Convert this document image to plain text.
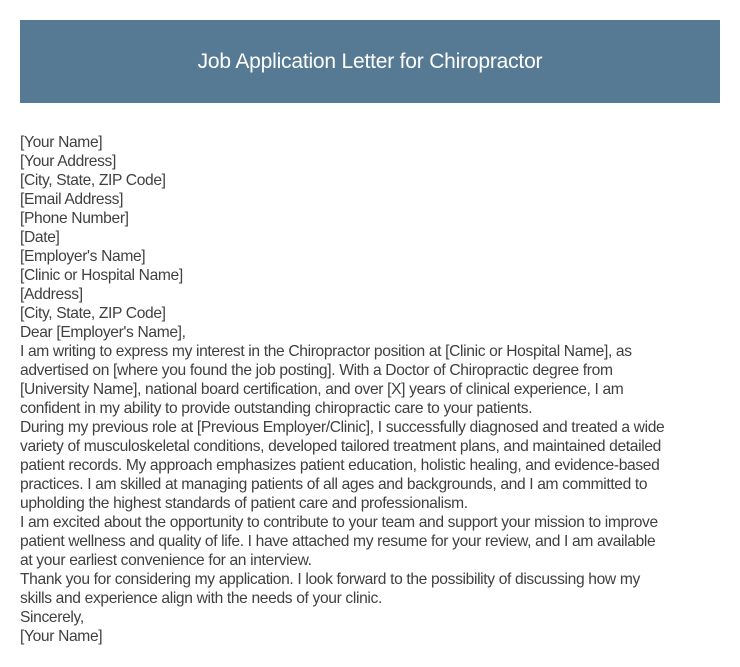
Job Application Letter for Chiropractor
[Your Name]
[Your Address]
[City, State, ZIP Code]
[Email Address]
[Phone Number]
[Date]
[Employer's Name]
[Clinic or Hospital Name]
[Address]
[City, State, ZIP Code]
Dear [Employer's Name],
I am writing to express my interest in the Chiropractor position at [Clinic or Hospital Name], as
advertised on [where you found the job posting]. With a Doctor of Chiropractic degree from
[University Name], national board certification, and over [X] years of clinical experience, I am
confident in my ability to provide outstanding chiropractic care to your patients.
During my previous role at [Previous Employer/Clinic], I successfully diagnosed and treated a wide
variety of musculoskeletal conditions, developed tailored treatment plans, and maintained detailed
patient records. My approach emphasizes patient education, holistic healing, and evidence-based
practices. I am skilled at managing patients of all ages and backgrounds, and I am committed to
upholding the highest standards of patient care and professionalism.
I am excited about the opportunity to contribute to your team and support your mission to improve
patient wellness and quality of life. I have attached my resume for your review, and I am available
at your earliest convenience for an interview.
Thank you for considering my application. I look forward to the possibility of discussing how my
skills and experience align with the needs of your clinic.
Sincerely,
[Your Name]
